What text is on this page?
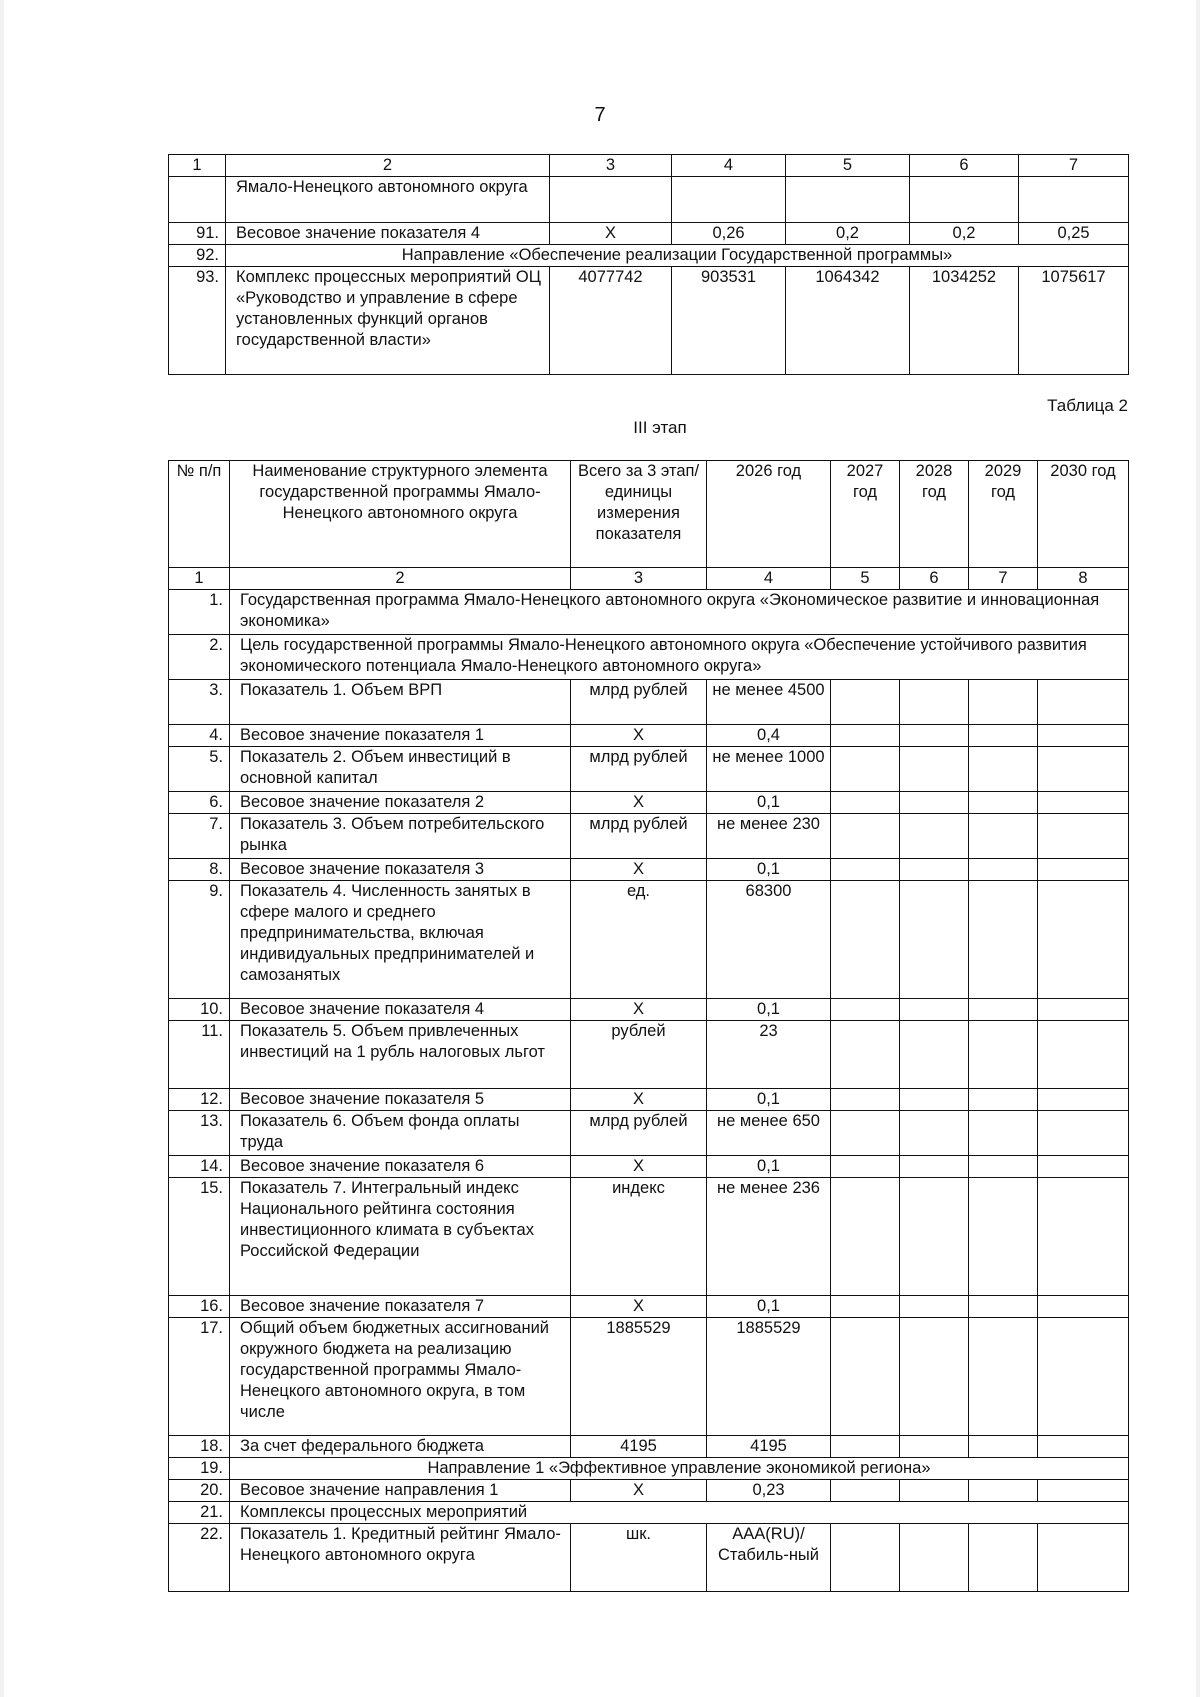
7
1	2	3	4	5	6	7
	Ямало-Ненецкого автономного округа					
91.	Весовое значение показателя 4	X	0,26	0,2	0,2	0,25
92.	Направление «Обеспечение реализации Государственной программы»					
93.	Комплекс процессных мероприятий ОЦ «Руководство и управление в сфере установленных функций органов государственной власти»	4077742	903531	1064342	1034252	1075617
Таблица 2
III этап
№ п/п	Наименование структурного элемента государственной программы Ямало-Ненецкого автономного округа	Всего за 3 этап/ единицы измерения показателя	2026 год	2027 год	2028 год	2029 год	2030 год
1	2	3	4	5	6	7	8
1.	Государственная программа Ямало-Ненецкого автономного округа «Экономическое развитие и инновационная экономика»						
2.	Цель государственной программы Ямало-Ненецкого автономного округа «Обеспечение устойчивого развития экономического потенциала Ямало-Ненецкого автономного округа»						
3.	Показатель 1. Объем ВРП	млрд рублей	не менее 4500				
4.	Весовое значение показателя 1	X	0,4				
5.	Показатель 2. Объем инвестиций в основной капитал	млрд рублей	не менее 1000				
6.	Весовое значение показателя 2	X	0,1				
7.	Показатель 3. Объем потребительского рынка	млрд рублей	не менее 230				
8.	Весовое значение показателя 3	X	0,1				
9.	Показатель 4. Численность занятых в сфере малого и среднего предпринимательства, включая индивидуальных предпринимателей и самозанятых	ед.	68300				
10.	Весовое значение показателя 4	X	0,1				
11.	Показатель 5. Объем привлеченных инвестиций на 1 рубль налоговых льгот	рублей	23				
12.	Весовое значение показателя 5	X	0,1				
13.	Показатель 6. Объем фонда оплаты труда	млрд рублей	не менее 650				
14.	Весовое значение показателя 6	X	0,1				
15.	Показатель 7. Интегральный индекс Национального рейтинга состояния инвестиционного климата в субъектах Российской Федерации	индекс	не менее 236				
16.	Весовое значение показателя 7	X	0,1				
17.	Общий объем бюджетных ассигнований окружного бюджета на реализацию государственной программы Ямало-Ненецкого автономного округа, в том числе	1885529	1885529				
18.	За счет федерального бюджета	4195	4195				
19.	Направление 1 «Эффективное управление экономикой региона»						
20.	Весовое значение направления 1	X	0,23				
21.	Комплексы процессных мероприятий						
22.	Показатель 1. Кредитный рейтинг Ямало-Ненецкого автономного округа	шк.	AAA(RU)/ Стабиль-ный				
